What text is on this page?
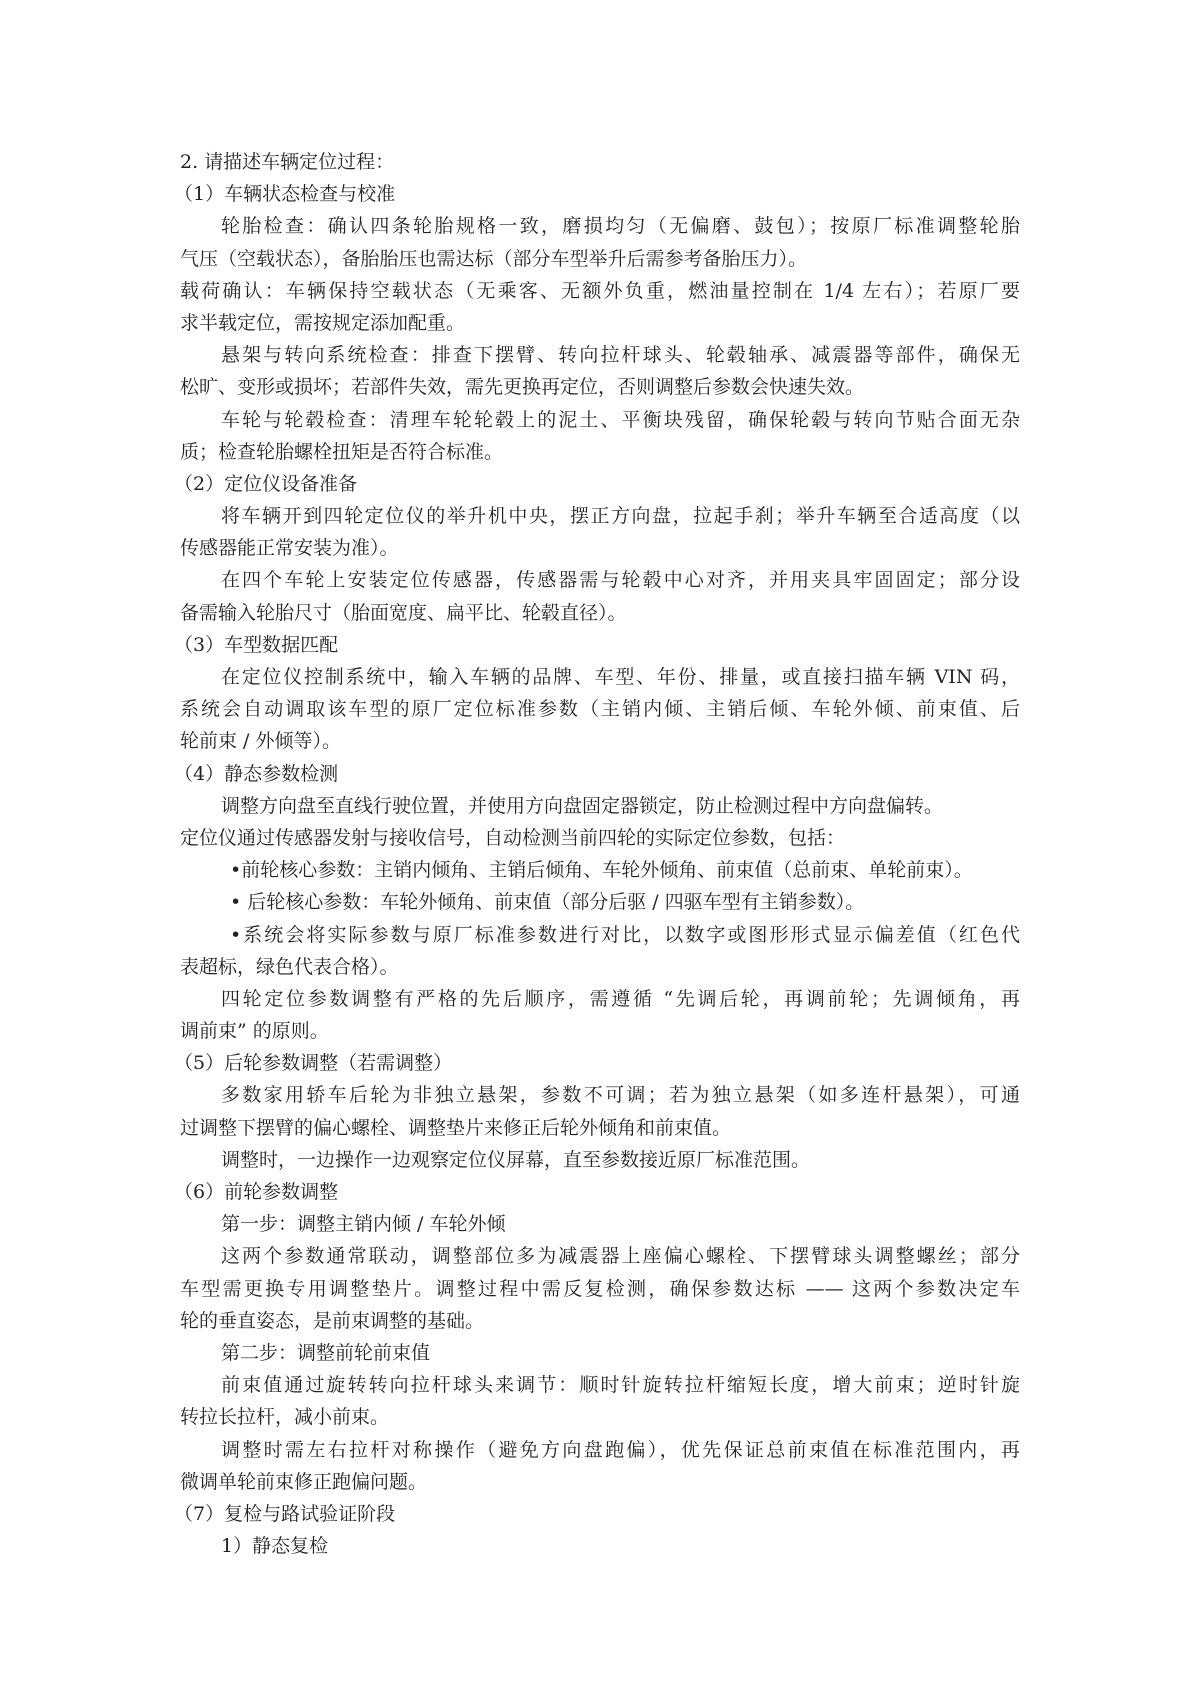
2. 请描述车辆定位过程：
（1）车辆状态检查与校准
轮胎检查：确认四条轮胎规格一致，磨损均匀（无偏磨、鼓包）；按原厂标准调整轮胎
气压（空载状态），备胎胎压也需达标（部分车型举升后需参考备胎压力）。
载荷确认：车辆保持空载状态（无乘客、无额外负重，燃油量控制在 1/4 左右）；若原厂要
求半载定位，需按规定添加配重。
悬架与转向系统检查：排查下摆臂、转向拉杆球头、轮毂轴承、减震器等部件，确保无
松旷、变形或损坏；若部件失效，需先更换再定位，否则调整后参数会快速失效。
车轮与轮毂检查：清理车轮轮毂上的泥土、平衡块残留，确保轮毂与转向节贴合面无杂
质；检查轮胎螺栓扭矩是否符合标准。
（2）定位仪设备准备
将车辆开到四轮定位仪的举升机中央，摆正方向盘，拉起手刹；举升车辆至合适高度（以
传感器能正常安装为准）。
在四个车轮上安装定位传感器，传感器需与轮毂中心对齐，并用夹具牢固固定；部分设
备需输入轮胎尺寸（胎面宽度、扁平比、轮毂直径）。
（3）车型数据匹配
在定位仪控制系统中，输入车辆的品牌、车型、年份、排量，或直接扫描车辆 VIN 码，
系统会自动调取该车型的原厂定位标准参数（主销内倾、主销后倾、车轮外倾、前束值、后
轮前束 / 外倾等）。
（4）静态参数检测
调整方向盘至直线行驶位置，并使用方向盘固定器锁定，防止检测过程中方向盘偏转。
定位仪通过传感器发射与接收信号，自动检测当前四轮的实际定位参数，包括：
•前轮核心参数：主销内倾角、主销后倾角、车轮外倾角、前束值（总前束、单轮前束）。
• 后轮核心参数：车轮外倾角、前束值（部分后驱 / 四驱车型有主销参数）。
•系统会将实际参数与原厂标准参数进行对比，以数字或图形形式显示偏差值（红色代
表超标，绿色代表合格）。
四轮定位参数调整有严格的先后顺序，需遵循 “先调后轮，再调前轮；先调倾角，再
调前束” 的原则。
（5）后轮参数调整（若需调整）
多数家用轿车后轮为非独立悬架，参数不可调；若为独立悬架（如多连杆悬架），可通
过调整下摆臂的偏心螺栓、调整垫片来修正后轮外倾角和前束值。
调整时，一边操作一边观察定位仪屏幕，直至参数接近原厂标准范围。
（6）前轮参数调整
第一步：调整主销内倾 / 车轮外倾
这两个参数通常联动，调整部位多为减震器上座偏心螺栓、下摆臂球头调整螺丝；部分
车型需更换专用调整垫片。调整过程中需反复检测，确保参数达标 —— 这两个参数决定车
轮的垂直姿态，是前束调整的基础。
第二步：调整前轮前束值
前束值通过旋转转向拉杆球头来调节：顺时针旋转拉杆缩短长度，增大前束；逆时针旋
转拉长拉杆，减小前束。
调整时需左右拉杆对称操作（避免方向盘跑偏），优先保证总前束值在标准范围内，再
微调单轮前束修正跑偏问题。
（7）复检与路试验证阶段
1）静态复检
